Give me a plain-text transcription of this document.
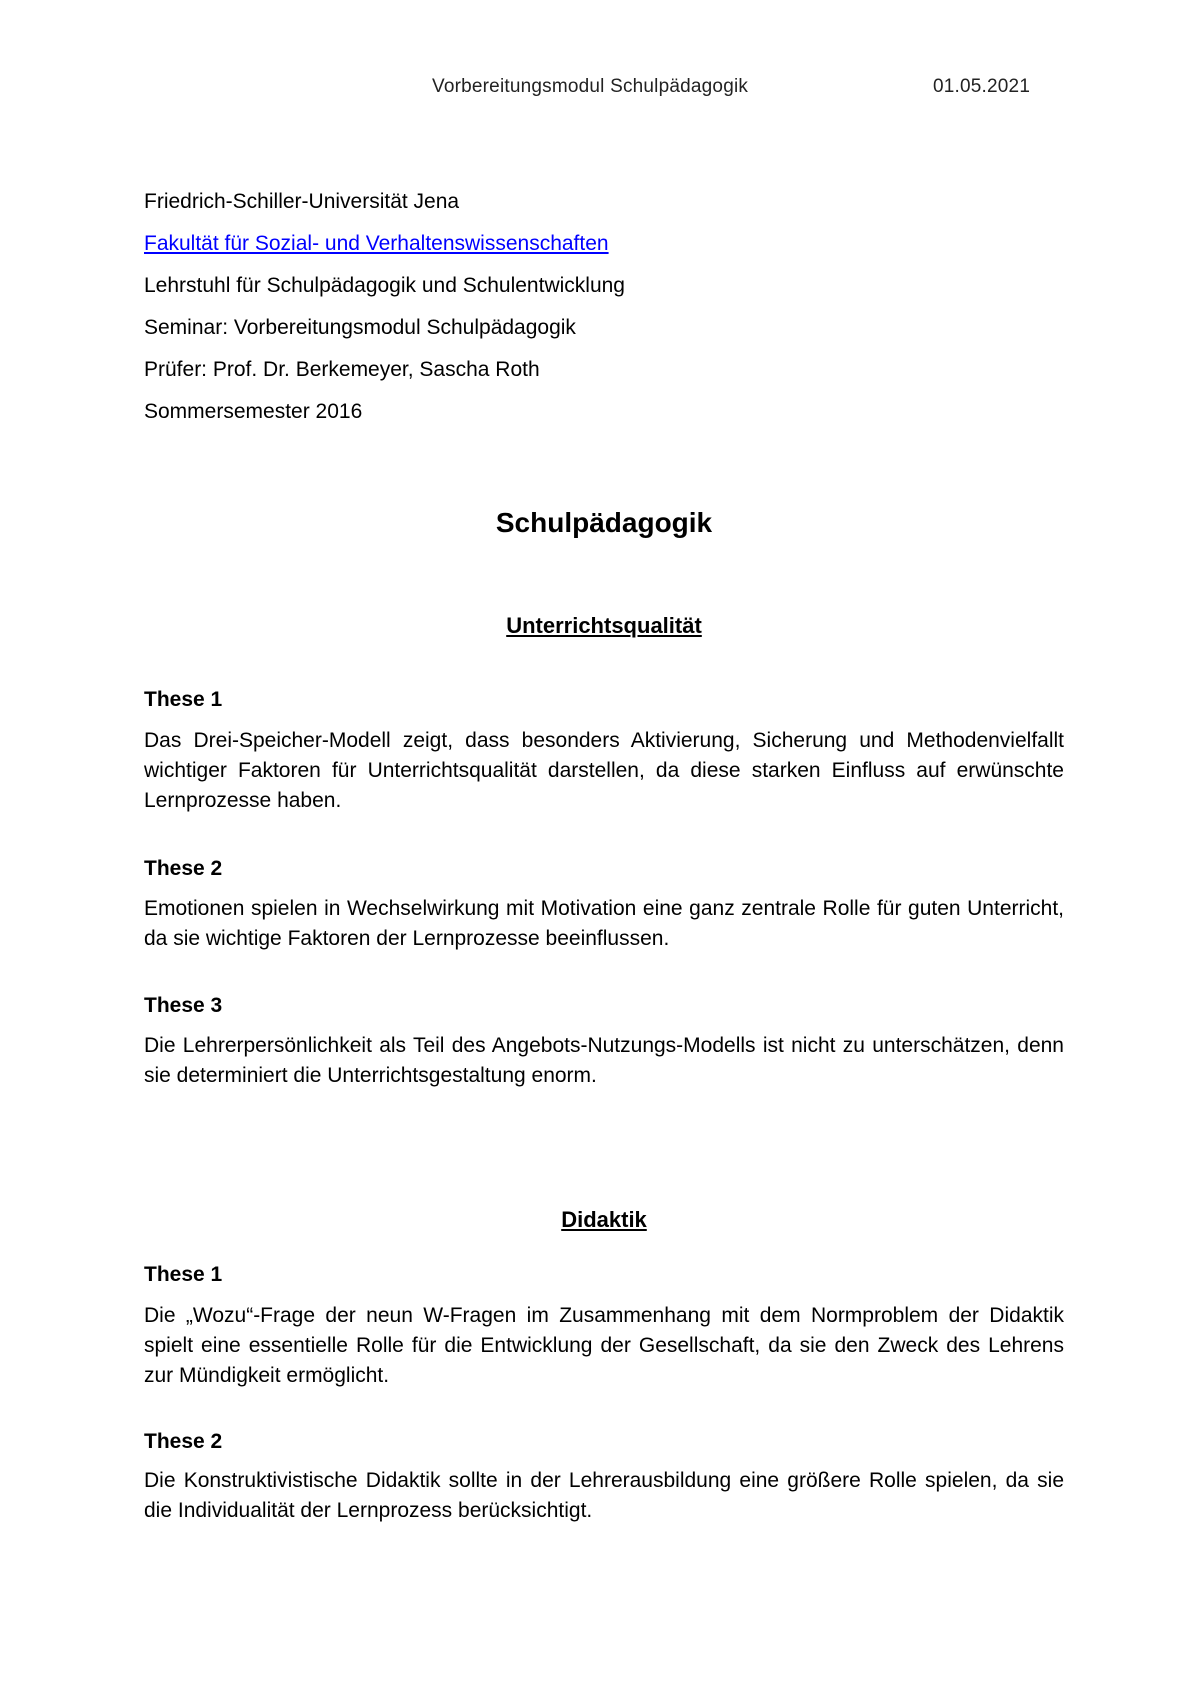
Vorbereitungsmodul Schulpädagogik	01.05.2021
Friedrich-Schiller-Universität Jena
Fakultät für Sozial- und Verhaltenswissenschaften
Lehrstuhl für Schulpädagogik und Schulentwicklung
Seminar: Vorbereitungsmodul Schulpädagogik
Prüfer: Prof. Dr. Berkemeyer, Sascha Roth
Sommersemester 2016
Schulpädagogik
Unterrichtsqualität
These 1
Das Drei-Speicher-Modell zeigt, dass besonders Aktivierung, Sicherung und Methodenvielfallt wichtiger Faktoren für Unterrichtsqualität darstellen, da diese starken Einfluss auf erwünschte Lernprozesse haben.
These 2
Emotionen spielen in Wechselwirkung mit Motivation eine ganz zentrale Rolle für guten Unterricht, da sie wichtige Faktoren der Lernprozesse beeinflussen.
These 3
Die Lehrerpersönlichkeit als Teil des Angebots-Nutzungs-Modells ist nicht zu unterschätzen, denn sie determiniert die Unterrichtsgestaltung enorm.
Didaktik
These 1
Die „Wozu“-Frage der neun W-Fragen im Zusammenhang mit dem Normproblem der Didaktik spielt eine essentielle Rolle für die Entwicklung der Gesellschaft, da sie den Zweck des Lehrens zur Mündigkeit ermöglicht.
These 2
Die Konstruktivistische Didaktik sollte in der Lehrerausbildung eine größere Rolle spielen, da sie die Individualität der Lernprozess berücksichtigt.
